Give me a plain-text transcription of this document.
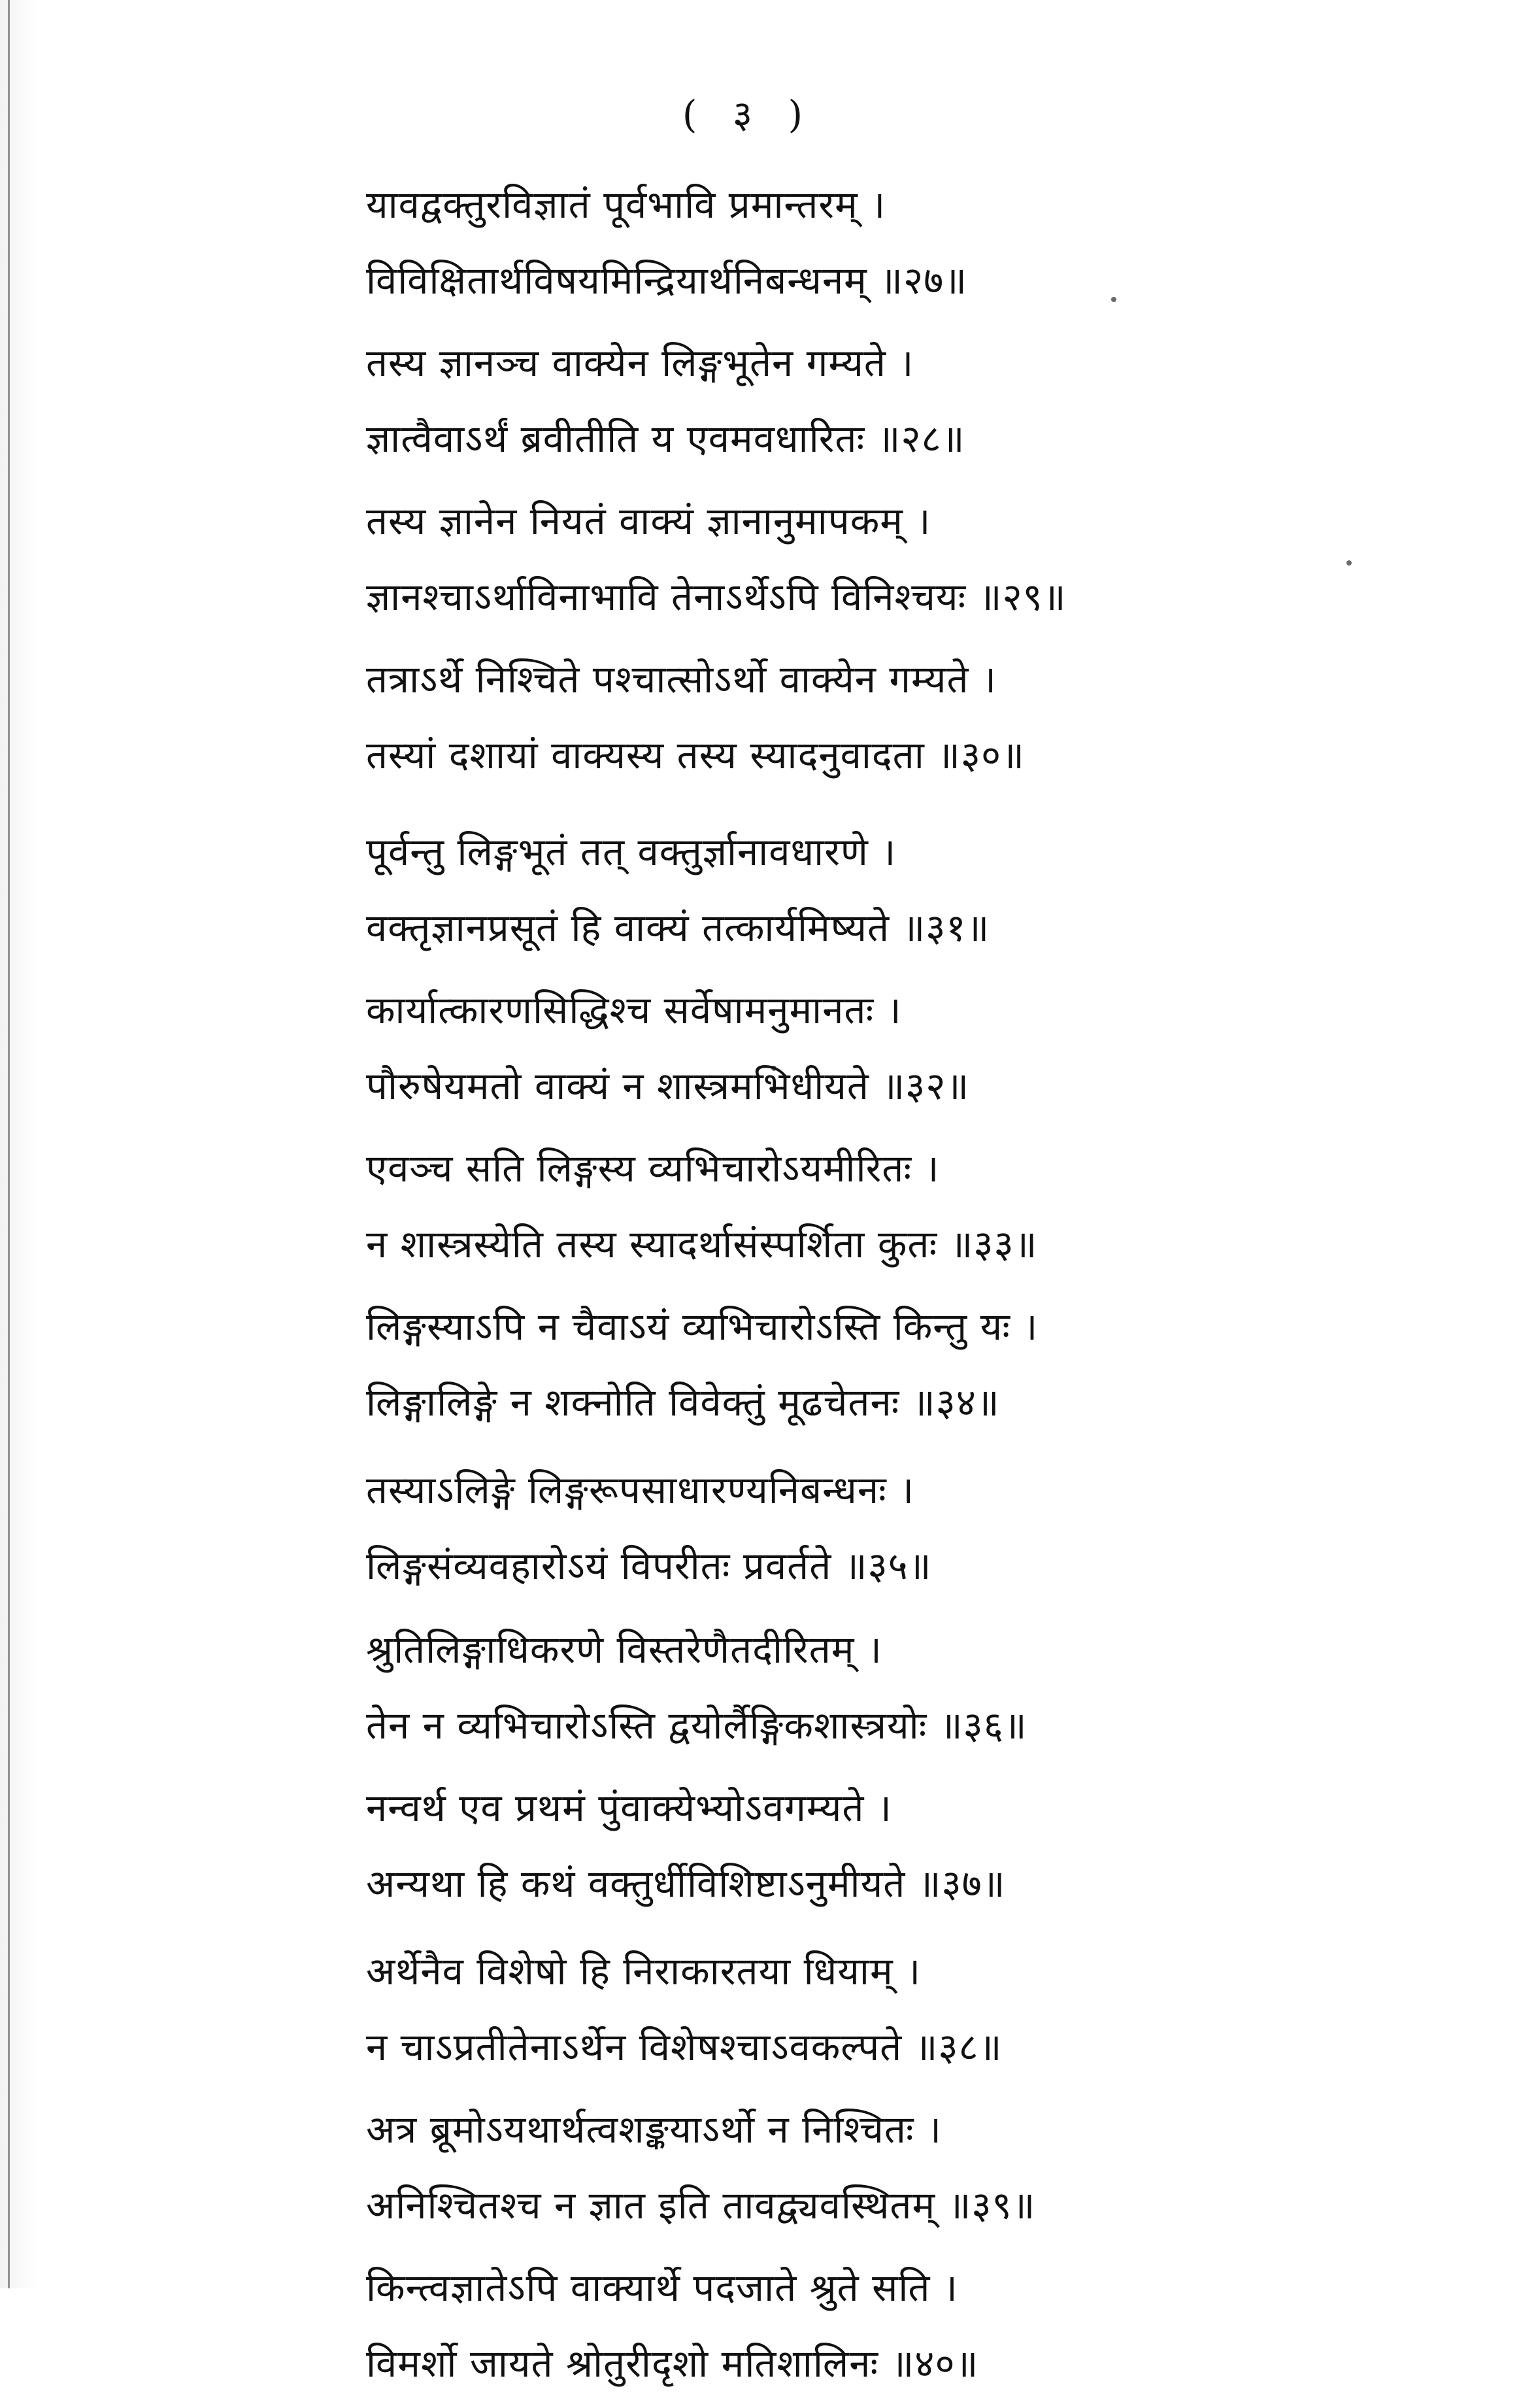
( ३ )
यावद्वक्तुरविज्ञातं पूर्वभावि प्रमान्तरम् ।
विविक्षितार्थविषयमिन्द्रियार्थनिबन्धनम् ॥२७॥
तस्य ज्ञानञ्च वाक्येन लिङ्गभूतेन गम्यते ।
ज्ञात्वैवाऽर्थं ब्रवीतीति य एवमवधारितः ॥२८॥
तस्य ज्ञानेन नियतं वाक्यं ज्ञानानुमापकम् ।
ज्ञानश्चाऽर्थाविनाभावि तेनाऽर्थेऽपि विनिश्चयः ॥२९॥
तत्राऽर्थे निश्चिते पश्चात्सोऽर्थो वाक्येन गम्यते ।
तस्यां दशायां वाक्यस्य तस्य स्यादनुवादता ॥३०॥
पूर्वन्तु लिङ्गभूतं तत् वक्तुर्ज्ञानावधारणे ।
वक्तृज्ञानप्रसूतं हि वाक्यं तत्कार्यमिष्यते ॥३१॥
कार्यात्कारणसिद्धिश्च सर्वेषामनुमानतः ।
पौरुषेयमतो वाक्यं न शास्त्रमभिधीयते ॥३२॥
एवञ्च सति लिङ्गस्य व्यभिचारोऽयमीरितः ।
न शास्त्रस्येति तस्य स्यादर्थासंस्पर्शिता कुतः ॥३३॥
लिङ्गस्याऽपि न चैवाऽयं व्यभिचारोऽस्ति किन्तु यः ।
लिङ्गालिङ्गे न शक्नोति विवेक्तुं मूढचेतनः ॥३४॥
तस्याऽलिङ्गे लिङ्गरूपसाधारण्यनिबन्धनः ।
लिङ्गसंव्यवहारोऽयं विपरीतः प्रवर्तते ॥३५॥
श्रुतिलिङ्गाधिकरणे विस्तरेणैतदीरितम् ।
तेन न व्यभिचारोऽस्ति द्वयोर्लैङ्गिकशास्त्रयोः ॥३६॥
नन्वर्थ एव प्रथमं पुंवाक्येभ्योऽवगम्यते ।
अन्यथा हि कथं वक्तुर्धीविशिष्टाऽनुमीयते ॥३७॥
अर्थेनैव विशेषो हि निराकारतया धियाम् ।
न चाऽप्रतीतेनाऽर्थेन विशेषश्चाऽवकल्पते ॥३८॥
अत्र ब्रूमोऽयथार्थत्वशङ्कयाऽर्थो न निश्चितः ।
अनिश्चितश्च न ज्ञात इति तावद्व्यवस्थितम् ॥३९॥
किन्त्वज्ञातेऽपि वाक्यार्थे पदजाते श्रुते सति ।
विमर्शो जायते श्रोतुरीदृशो मतिशालिनः ॥४०॥
